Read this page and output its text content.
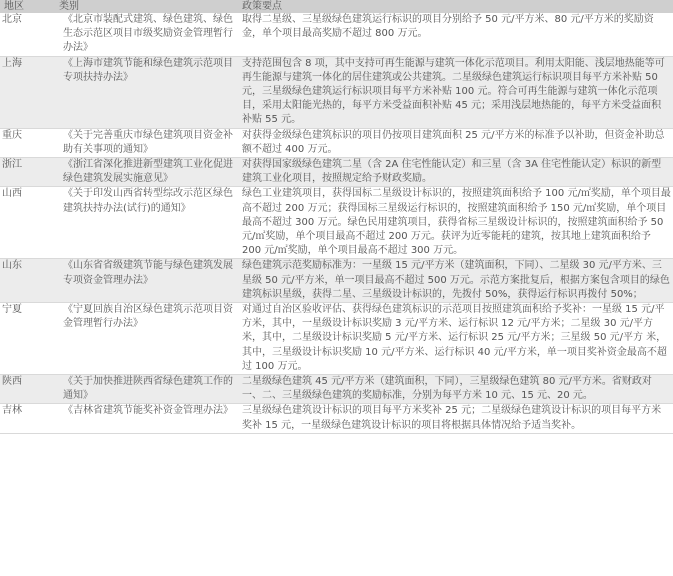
地区	类别	政策要点
北京	《北京市装配式建筑、绿色建筑、绿色生态示范区项目市级奖励资金管理暂行办法》	取得二星级、三星级绿色建筑运行标识的项目分别给予 50 元/平方米、80 元/平方米的奖励资金，单个项目最高奖励不超过 800 万元。
上海	《上海市建筑节能和绿色建筑示范项目专项扶持办法》	支持范围包含 8 项，其中支持可再生能源与建筑一体化示范项目。利用太阳能、浅层地热能等可再生能源与建筑一体化的居住建筑或公共建筑。二星级绿色建筑运行标识项目每平方米补贴 50 元，三星级绿色建筑运行标识项目每平方米补贴 100 元。符合可再生能源与建筑一体化示范项目，采用太阳能光热的，每平方米受益面积补贴 45 元；采用浅层地热能的，每平方米受益面积补贴 55 元。
重庆	《关于完善重庆市绿色建筑项目资金补助有关事项的通知》	对获得金级绿色建筑标识的项目仍按项目建筑面积 25 元/平方米的标准予以补助，但资金补助总额不超过 400 万元。
浙江	《浙江省深化推进新型建筑工业化促进绿色建筑发展实施意见》	对获得国家级绿色建筑二星（含 2A 住宅性能认定）和三星（含 3A 住宅性能认定）标识的新型建筑工业化项目，按照规定给予财政奖励。
山西	《关于印发山西省转型综改示范区绿色建筑扶持办法(试行)的通知》	绿色工业建筑项目，获得国标二星级设计标识的，按照建筑面积给予 100 元/㎡奖励，单个项目最高不超过 200 万元；获得国标三星级运行标识的，按照建筑面积给予 150 元/㎡奖励，单个项目最高不超过 300 万元。绿色民用建筑项目，获得省标三星级设计标识的，按照建筑面积给予 50 元/㎡奖励，单个项目最高不超过 200 万元。获评为近零能耗的建筑，按其地上建筑面积给予 200 元/㎡奖励，单个项目最高不超过 300 万元。
山东	《山东省省级建筑节能与绿色建筑发展专项资金管理办法》	绿色建筑示范奖励标准为：一星级 15 元/平方米（建筑面积，下同）、二星级 30 元/平方米、三星级 50 元/平方米，单一项目最高不超过 500 万元。示范方案批复后，根据方案包含项目的绿色建筑标识星级，获得二星、三星级设计标识的，先拨付 50%，获得运行标识再拨付 50%；
宁夏	《宁夏回族自治区绿色建筑示范项目资金管理暂行办法》	对通过自治区验收评估、获得绿色建筑标识的示范项目按照建筑面积给予奖补：一星级 15 元/平方米，其中，一星级设计标识奖励 3 元/平方米、运行标识 12 元/平方米；二星级 30 元/平方米，其中，二星级设计标识奖励 5 元/平方米、运行标识 25 元/平方米；三星级 50 元/平方 米，其中，三星级设计标识奖励 10 元/平方米、运行标识 40 元/平方米，单一项目奖补资金最高不超过 100 万元。
陕西	《关于加快推进陕西省绿色建筑工作的通知》	二星级绿色建筑 45 元/平方米（建筑面积，下同），三星级绿色建筑 80 元/平方米。省财政对一、二、三星级绿色建筑的奖励标准，分别为每平方米 10 元、15 元、20 元。
吉林	《吉林省建筑节能奖补资金管理办法》	三星级绿色建筑设计标识的项目每平方米奖补 25 元；二星级绿色建筑设计标识的项目每平方米奖补 15 元，一星级绿色建筑设计标识的项目将根据具体情况给予适当奖补。
